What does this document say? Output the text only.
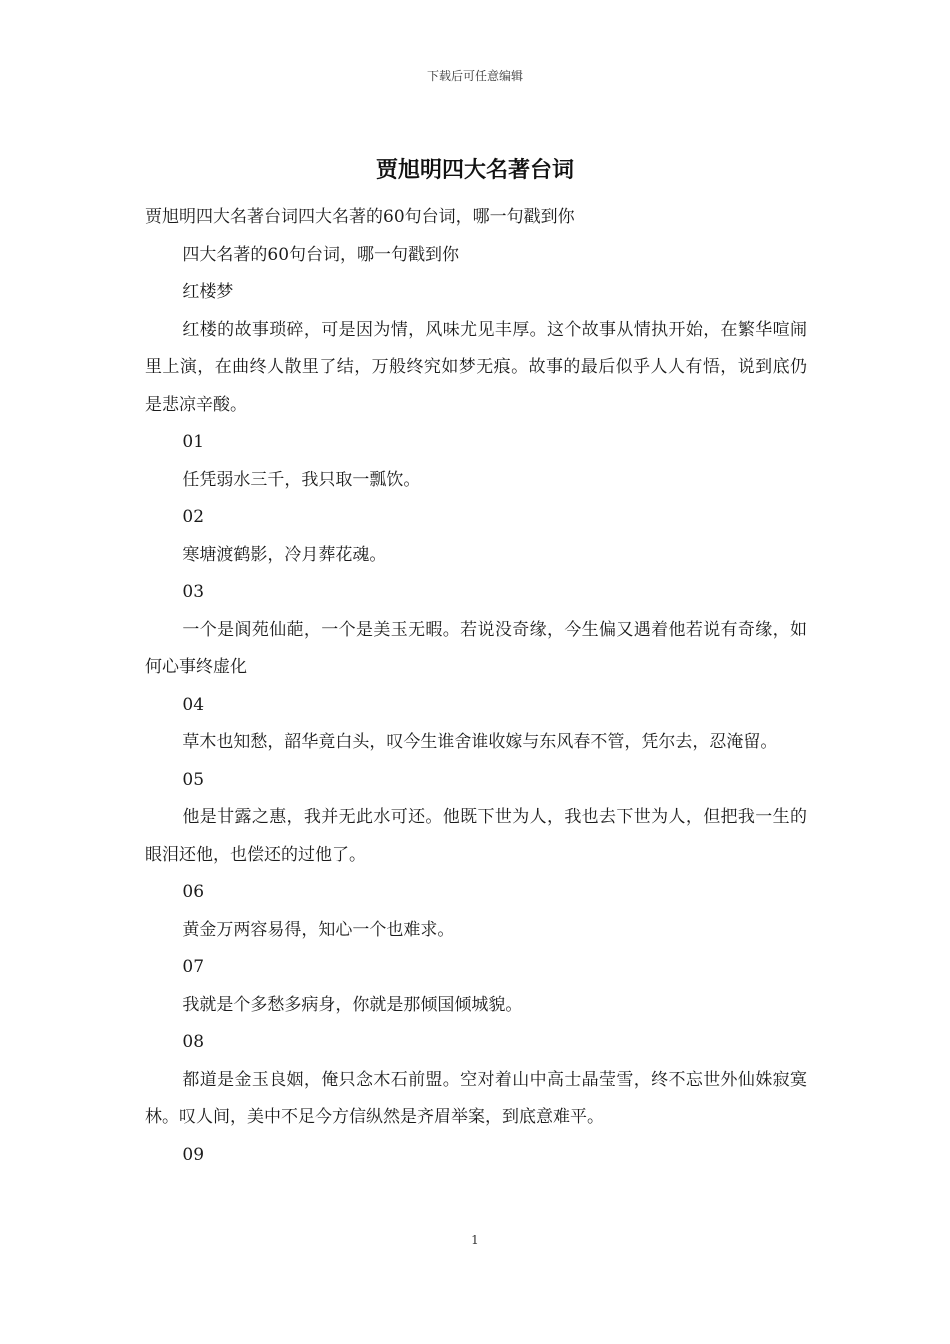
下载后可任意编辑
贾旭明四大名著台词

贾旭明四大名著台词四大名著的60句台词，哪一句戳到你

四大名著的60句台词，哪一句戳到你

红楼梦

红楼的故事琐碎，可是因为情，风味尤见丰厚。这个故事从情执开始，在繁华喧闹里上演，在曲终人散里了结，万般终究如梦无痕。故事的最后似乎人人有悟，说到底仍是悲凉辛酸。

01

任凭弱水三千，我只取一瓢饮。

02

寒塘渡鹤影，冷月葬花魂。

03

一个是阆苑仙葩，一个是美玉无暇。若说没奇缘，今生偏又遇着他若说有奇缘，如何心事终虚化

04

草木也知愁，韶华竟白头，叹今生谁舍谁收嫁与东风春不管，凭尔去，忍淹留。

05

他是甘露之惠，我并无此水可还。他既下世为人，我也去下世为人，但把我一生的眼泪还他，也偿还的过他了。

06

黄金万两容易得，知心一个也难求。

07

我就是个多愁多病身，你就是那倾国倾城貌。

08

都道是金玉良姻，俺只念木石前盟。空对着山中高士晶莹雪，终不忘世外仙姝寂寞林。叹人间，美中不足今方信纵然是齐眉举案，到底意难平。

09

1
